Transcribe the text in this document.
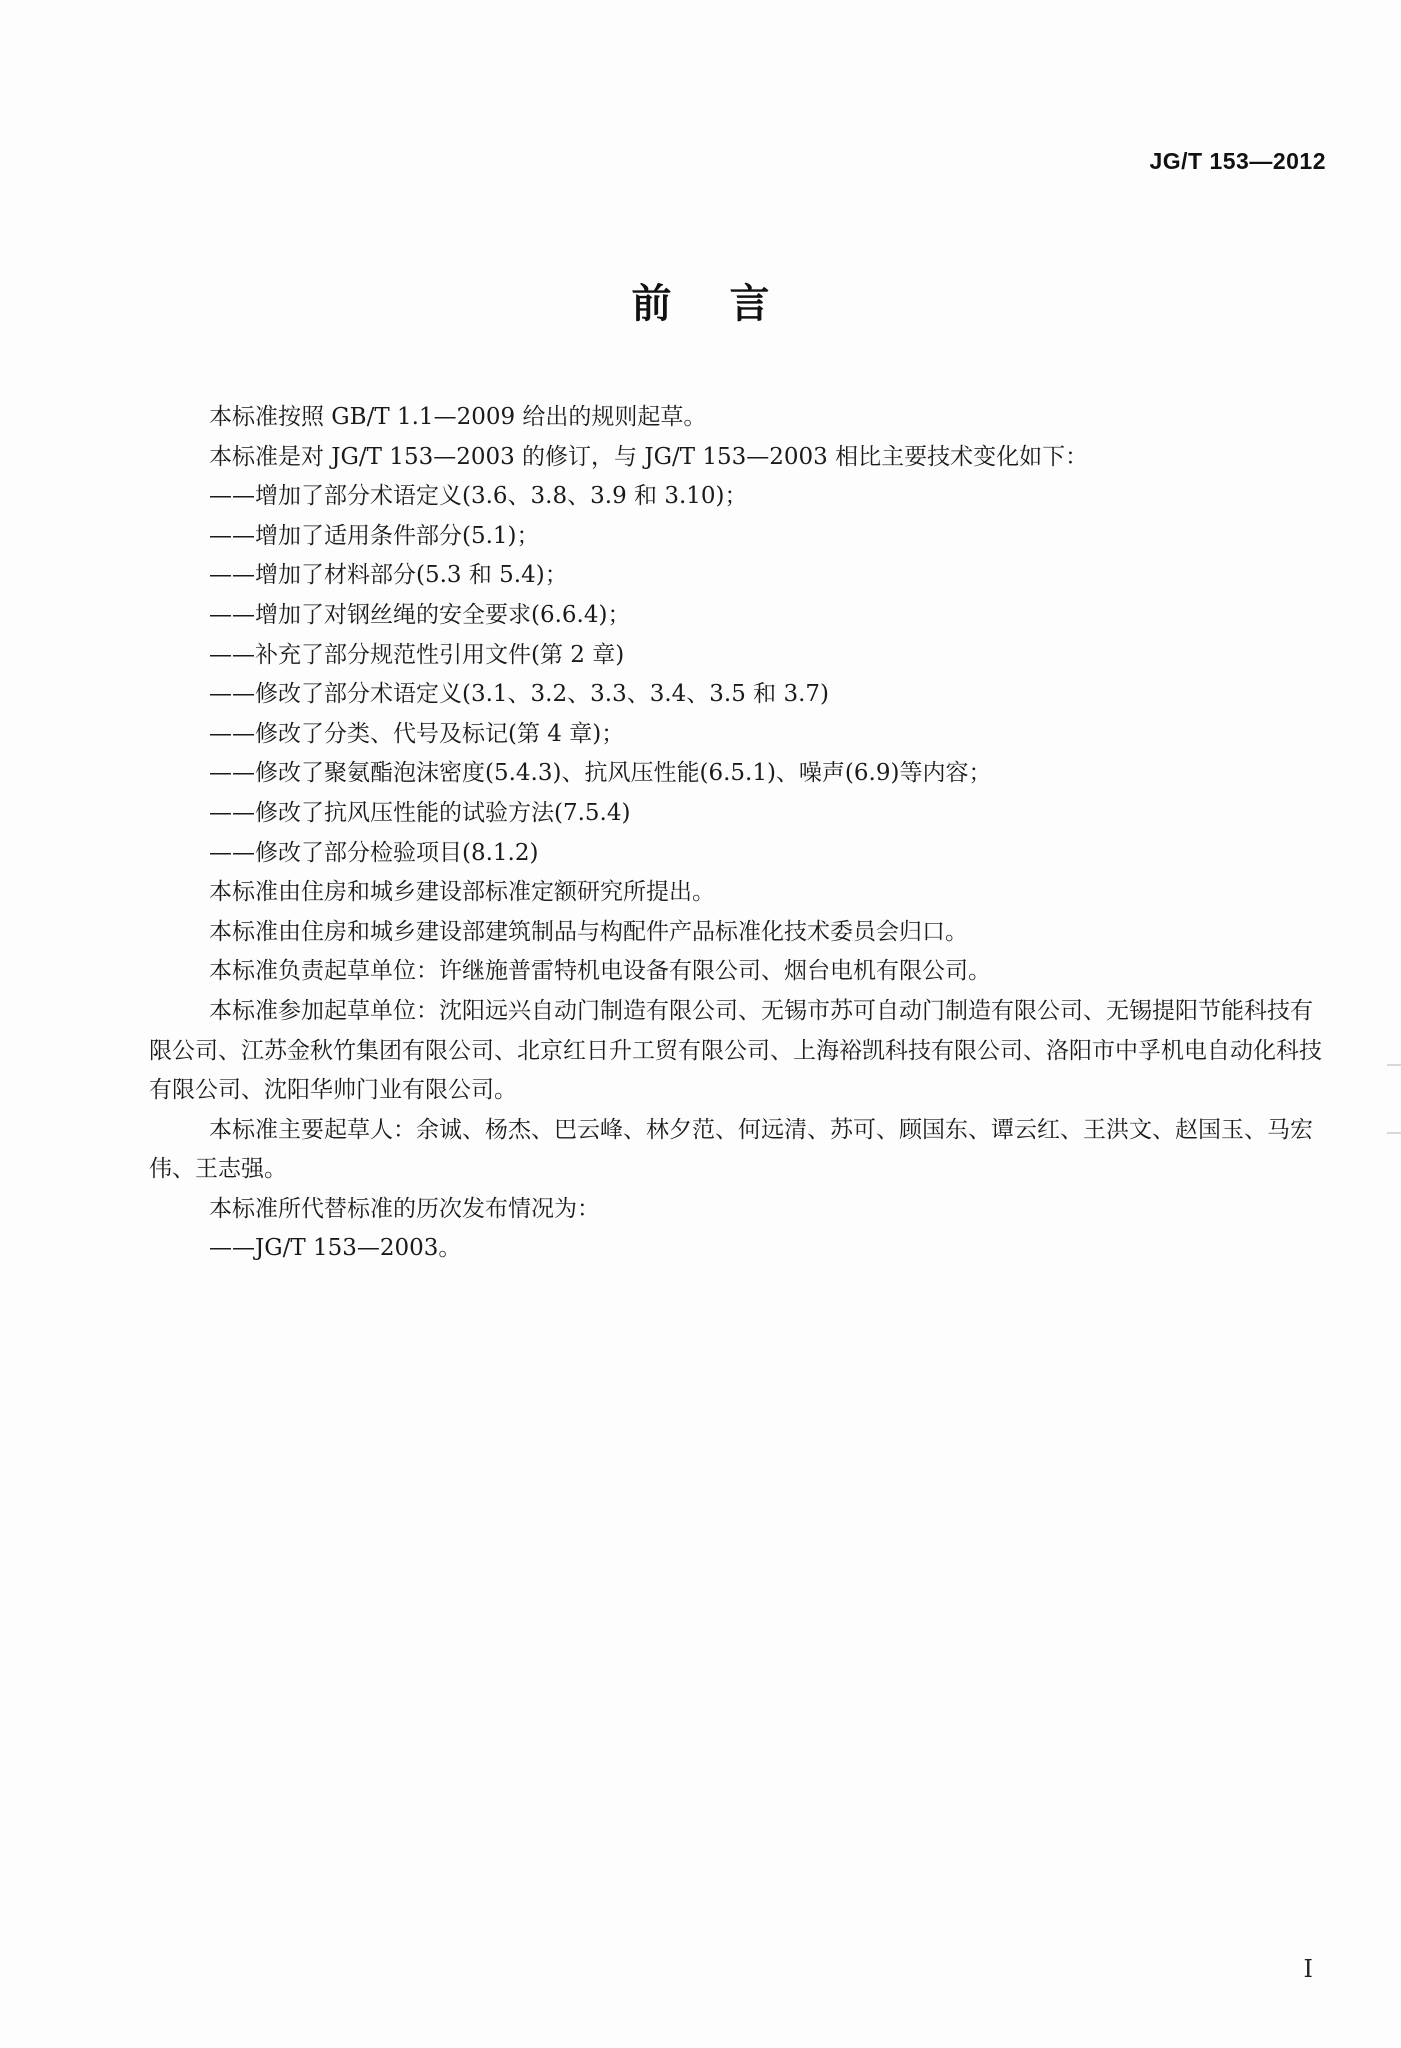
JG/T 153—2012
前言

本标准按照 GB/T 1.1—2009 给出的规则起草。

本标准是对 JG/T 153—2003 的修订，与 JG/T 153—2003 相比主要技术变化如下：

——增加了部分术语定义(3.6、3.8、3.9 和 3.10)；

——增加了适用条件部分(5.1)；

——增加了材料部分(5.3 和 5.4)；

——增加了对钢丝绳的安全要求(6.6.4)；

——补充了部分规范性引用文件(第 2 章)

——修改了部分术语定义(3.1、3.2、3.3、3.4、3.5 和 3.7)

——修改了分类、代号及标记(第 4 章)；

——修改了聚氨酯泡沫密度(5.4.3)、抗风压性能(6.5.1)、噪声(6.9)等内容；

——修改了抗风压性能的试验方法(7.5.4)

——修改了部分检验项目(8.1.2)

本标准由住房和城乡建设部标准定额研究所提出。

本标准由住房和城乡建设部建筑制品与构配件产品标准化技术委员会归口。

本标准负责起草单位：许继施普雷特机电设备有限公司、烟台电机有限公司。

本标准参加起草单位：沈阳远兴自动门制造有限公司、无锡市苏可自动门制造有限公司、无锡提阳节能科技有限公司、江苏金秋竹集团有限公司、北京红日升工贸有限公司、上海裕凯科技有限公司、洛阳市中孚机电自动化科技有限公司、沈阳华帅门业有限公司。

本标准主要起草人：余诚、杨杰、巴云峰、林夕范、何远清、苏可、顾国东、谭云红、王洪文、赵国玉、马宏伟、王志强。

本标准所代替标准的历次发布情况为：

——JG/T 153—2003。

I
